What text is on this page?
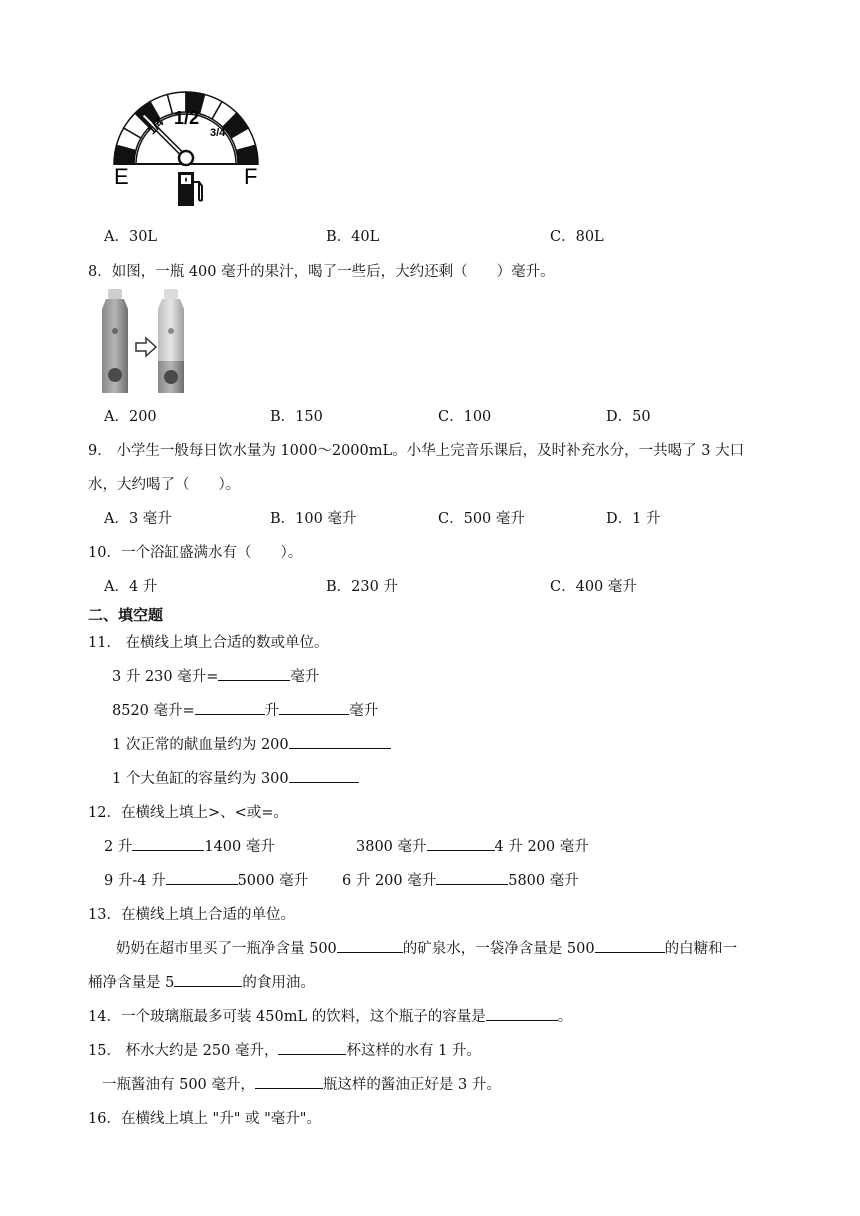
1/4 1/2
3/4
E	F
A．30L	B．40L	C．80L
8．如图，一瓶 400 毫升的果汁，喝了一些后，大约还剩（　　）毫升。
A．200	B．150	C．100	D．50
9． 小学生一般每日饮水量为 1000～2000mL。小华上完音乐课后，及时补充水分，一共喝了 3 大口
水，大约喝了（　　）。
A．3 毫升	B．100 毫升	C．500 毫升	D．1 升
10．一个浴缸盛满水有（　　）。
A．4 升	B．230 升	C．400 毫升
二、填空题
11． 在横线上填上合适的数或单位。
3 升 230 毫升=	毫升
8520 毫升=	升	毫升
1 次正常的献血量约为 200
1 个大鱼缸的容量约为 300
12．在横线上填上>、<或=。
2 升	1400 毫升	3800 毫升	4 升 200 毫升
9 升-4 升	5000 毫升 6 升 200 毫升	5800 毫升
13．在横线上填上合适的单位。
奶奶在超市里买了一瓶净含量 500	的矿泉水，一袋净含量是 500	的白糖和一
桶净含量是 5	的食用油。
14．一个玻璃瓶最多可装 450mL 的饮料，这个瓶子的容量是	。
15． 杯水大约是 250 毫升，	杯这样的水有 1 升。
一瓶酱油有 500 毫升，	瓶这样的酱油正好是 3 升。
16．在横线上填上 "升" 或 "毫升"。
